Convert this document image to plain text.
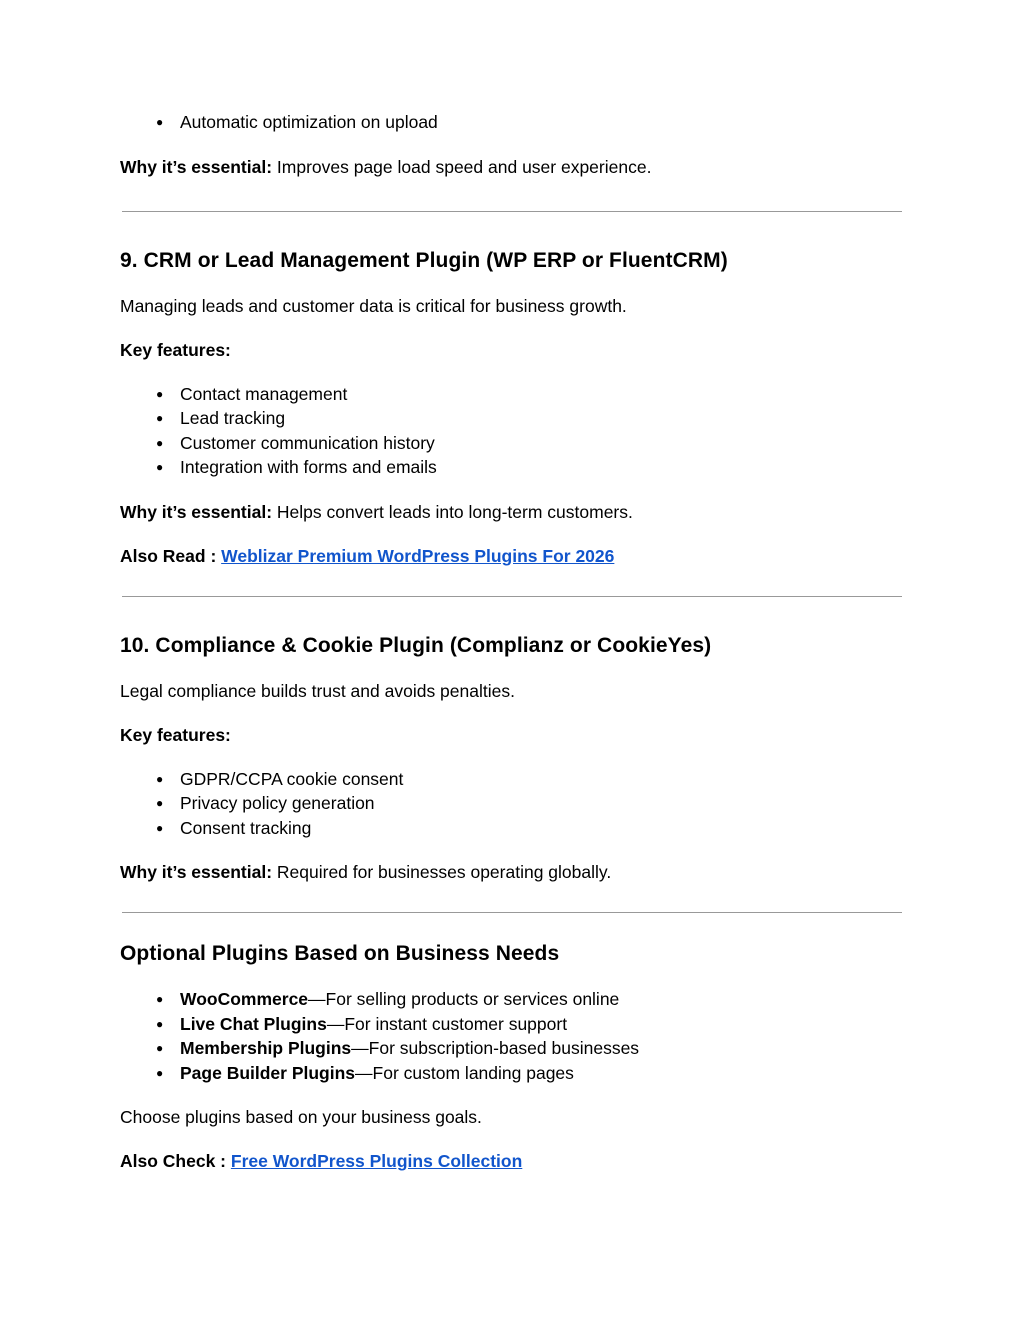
● Automatic optimization on upload

Why it’s essential: Improves page load speed and user experience.

9. CRM or Lead Management Plugin (WP ERP or FluentCRM)

Managing leads and customer data is critical for business growth.

Key features:

● Contact management
● Lead tracking
● Customer communication history
● Integration with forms and emails

Why it’s essential: Helps convert leads into long-term customers.

Also Read : Weblizar Premium WordPress Plugins For 2026

10. Compliance & Cookie Plugin (Complianz or CookieYes)

Legal compliance builds trust and avoids penalties.

Key features:

● GDPR/CCPA cookie consent
● Privacy policy generation
● Consent tracking

Why it’s essential: Required for businesses operating globally.

Optional Plugins Based on Business Needs
● WooCommerce—For selling products or services online
● Live Chat Plugins—For instant customer support
● Membership Plugins—For subscription-based businesses
● Page Builder Plugins—For custom landing pages

Choose plugins based on your business goals.

Also Check : Free WordPress Plugins Collection
